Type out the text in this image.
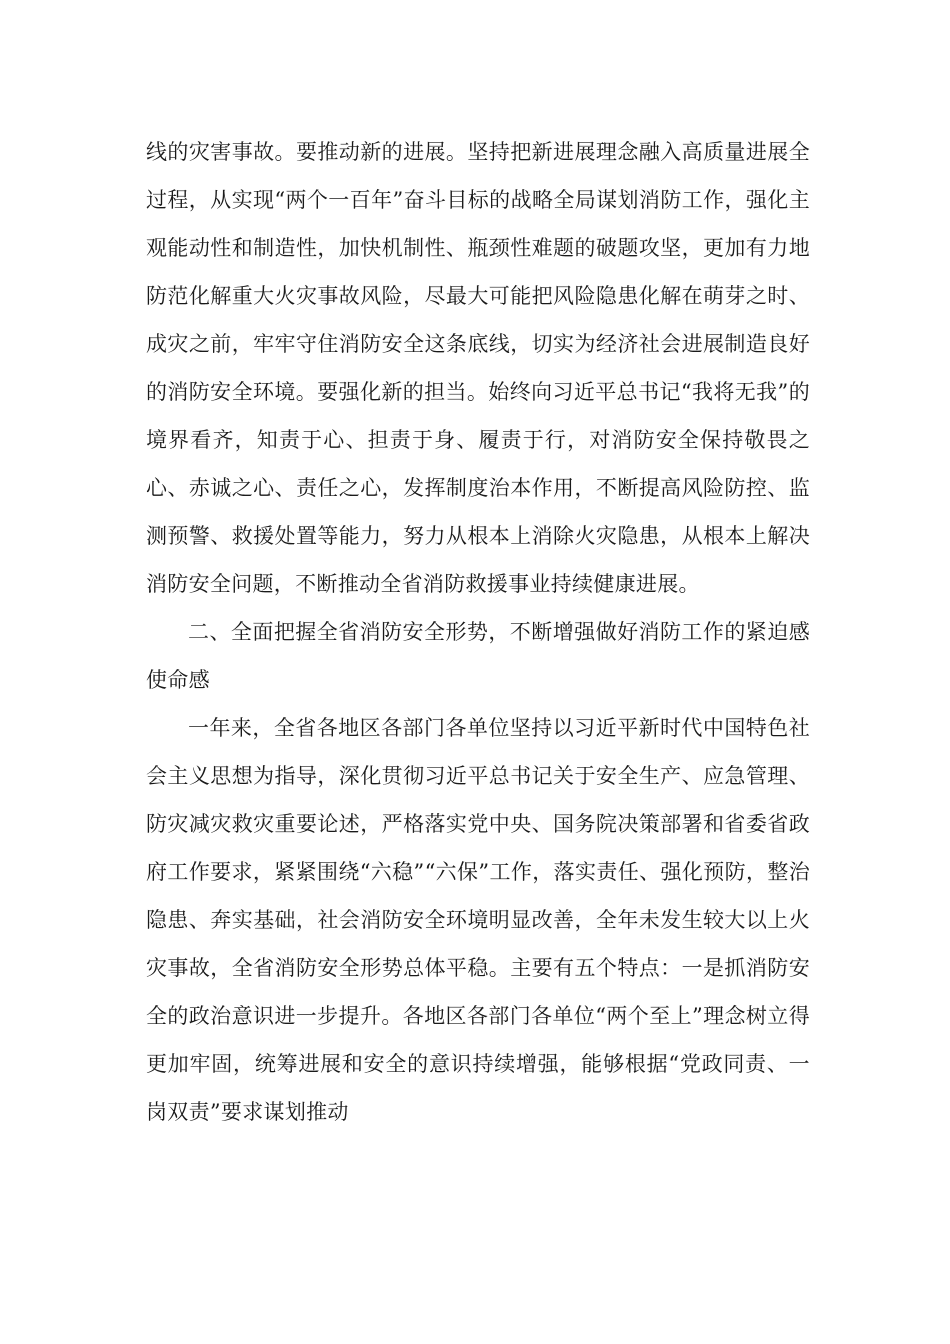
线的灾害事故。要推动新的进展。坚持把新进展理念融入高质量进展全过程，从实现“两个一百年”奋斗目标的战略全局谋划消防工作，强化主观能动性和制造性，加快机制性、瓶颈性难题的破题攻坚，更加有力地防范化解重大火灾事故风险，尽最大可能把风险隐患化解在萌芽之时、成灾之前，牢牢守住消防安全这条底线，切实为经济社会进展制造良好的消防安全环境。要强化新的担当。始终向习近平总书记“我将无我”的境界看齐，知责于心、担责于身、履责于行，对消防安全保持敬畏之心、赤诚之心、责任之心，发挥制度治本作用，不断提高风险防控、监测预警、救援处置等能力，努力从根本上消除火灾隐患，从根本上解决消防安全问题，不断推动全省消防救援事业持续健康进展。

二、全面把握全省消防安全形势，不断增强做好消防工作的紧迫感使命感

一年来，全省各地区各部门各单位坚持以习近平新时代中国特色社会主义思想为指导，深化贯彻习近平总书记关于安全生产、应急管理、防灾减灾救灾重要论述，严格落实党中央、国务院决策部署和省委省政府工作要求，紧紧围绕“六稳”“六保”工作，落实责任、强化预防，整治隐患、奔实基础，社会消防安全环境明显改善，全年未发生较大以上火灾事故，全省消防安全形势总体平稳。主要有五个特点：一是抓消防安全的政治意识进一步提升。各地区各部门各单位“两个至上”理念树立得更加牢固，统筹进展和安全的意识持续增强，能够根据“党政同责、一岗双责”要求谋划推动
